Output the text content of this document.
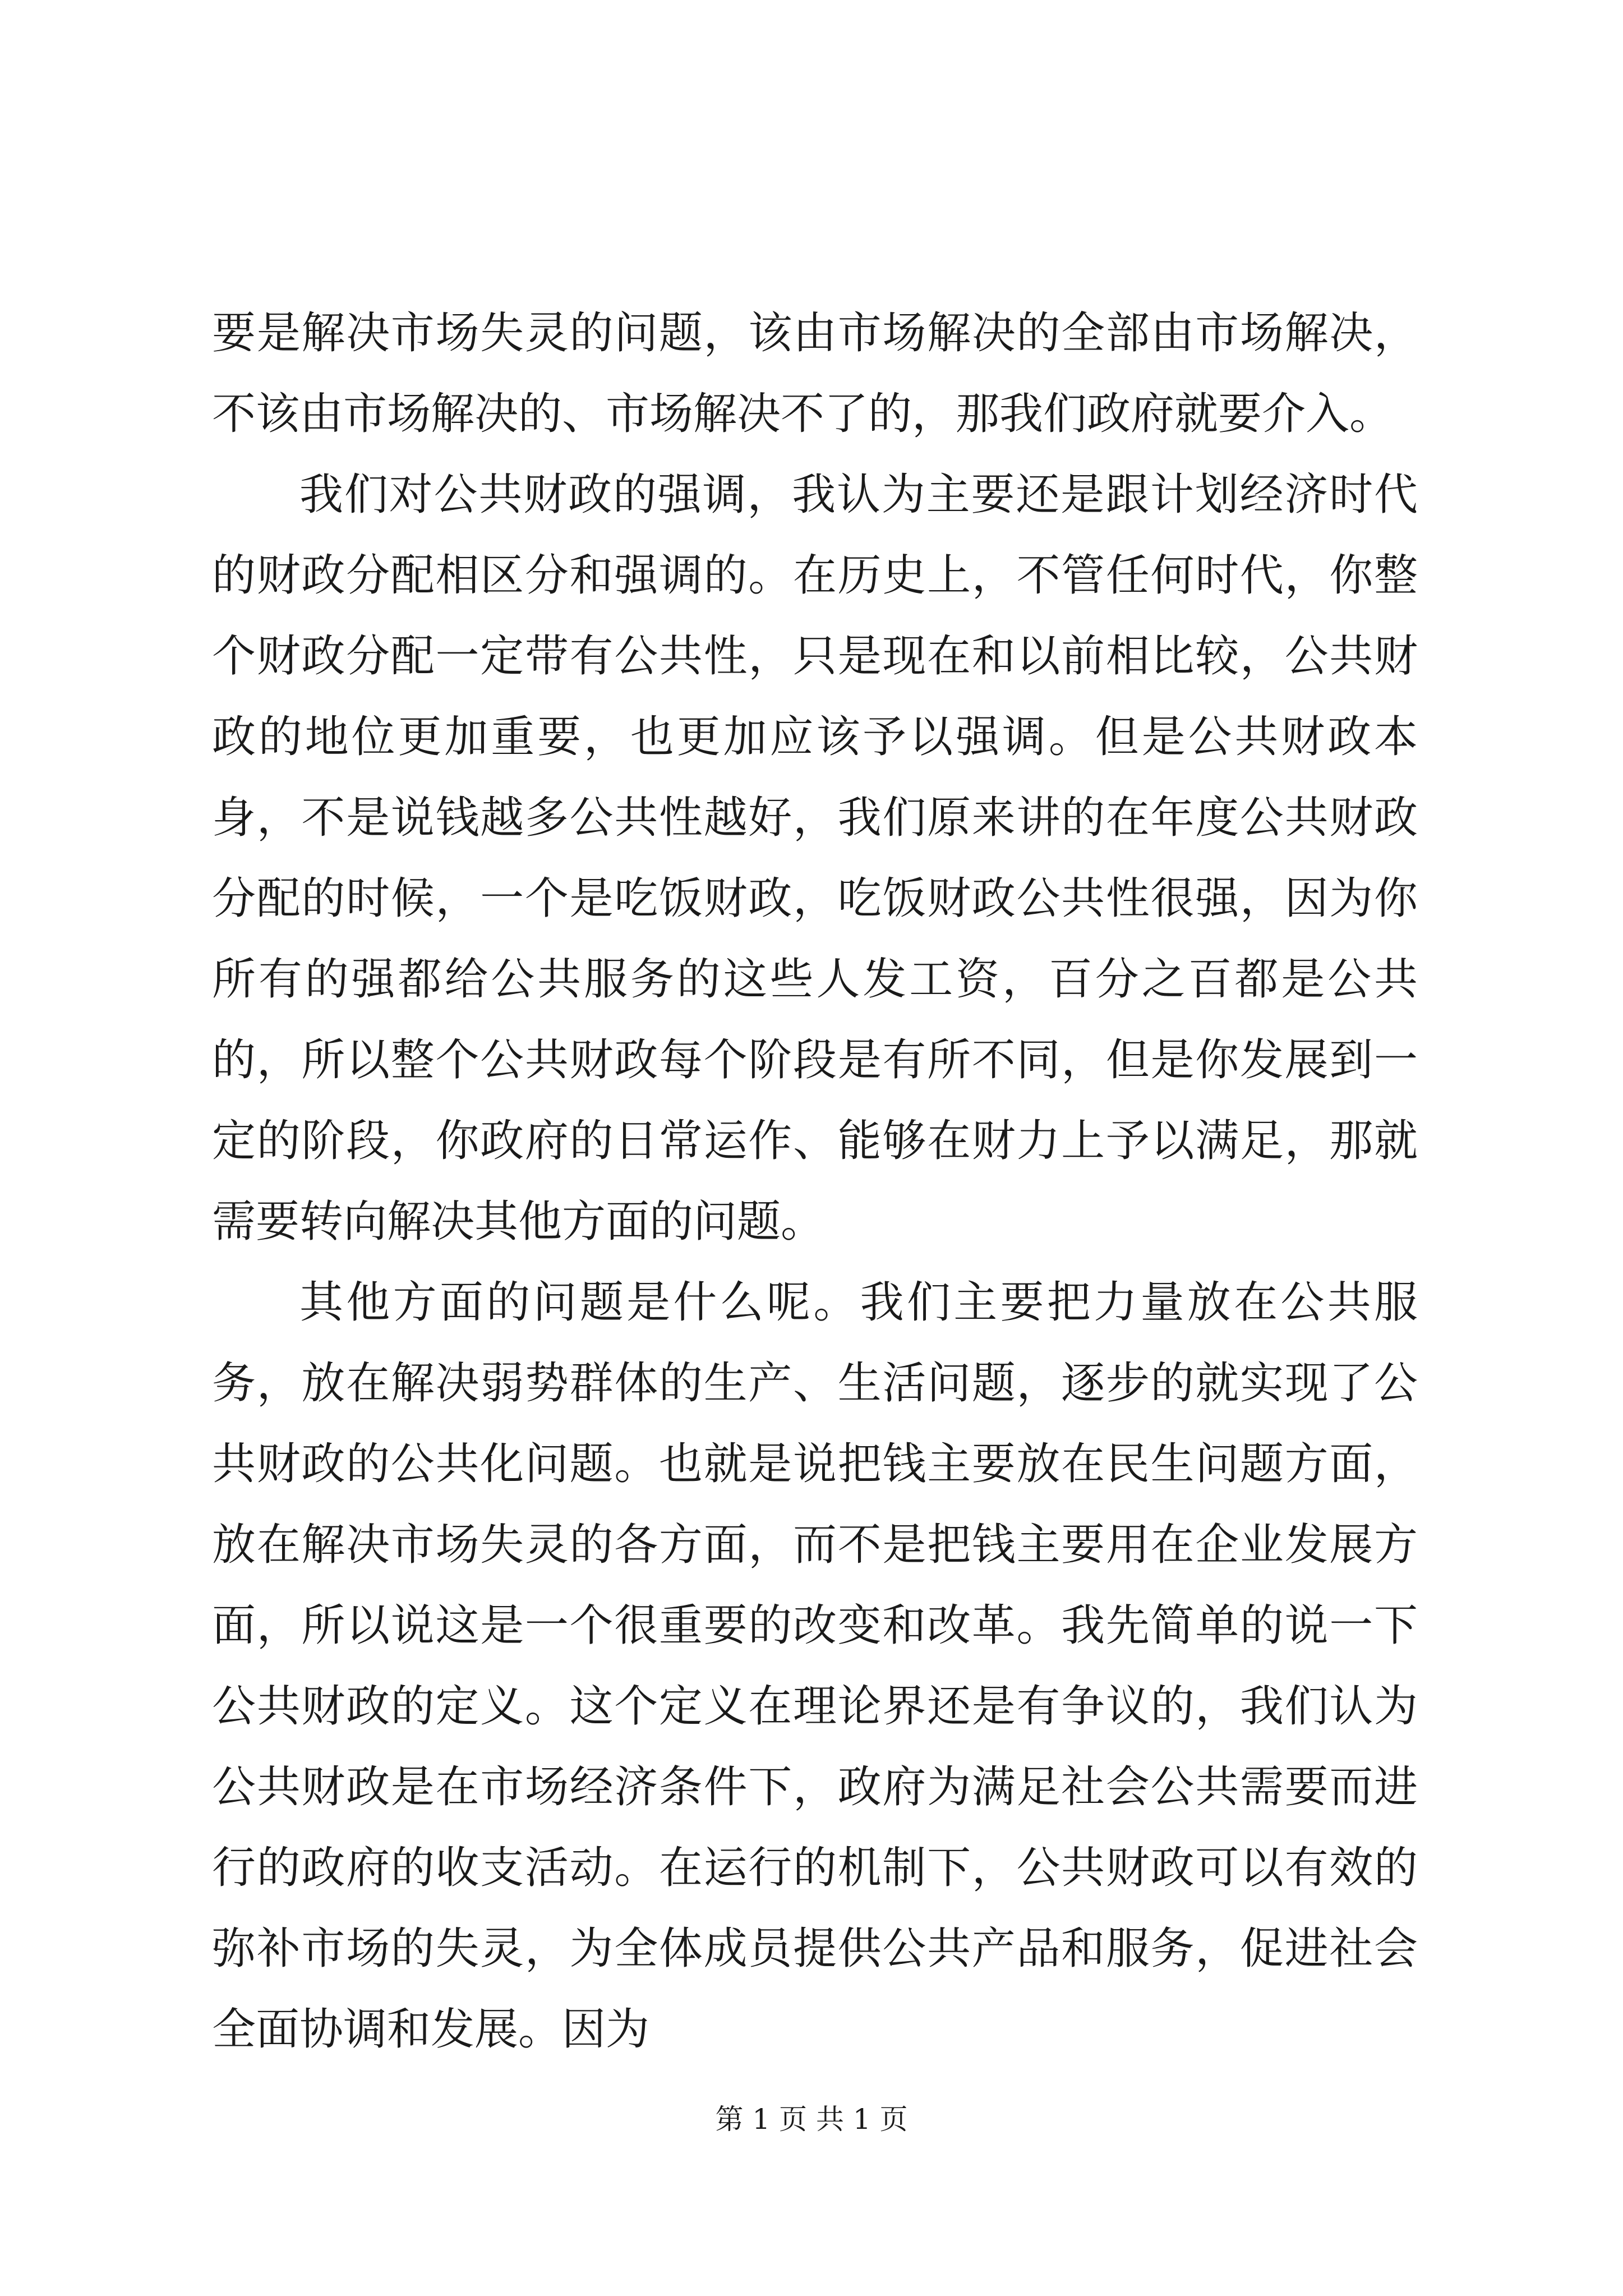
要是解决市场失灵的问题，该由市场解决的全部由市场解决，不该由市场解决的、市场解决不了的，那我们政府就要介入。

我们对公共财政的强调，我认为主要还是跟计划经济时代的财政分配相区分和强调的。在历史上，不管任何时代，你整个财政分配一定带有公共性，只是现在和以前相比较，公共财政的地位更加重要，也更加应该予以强调。但是公共财政本身，不是说钱越多公共性越好，我们原来讲的在年度公共财政分配的时候，一个是吃饭财政，吃饭财政公共性很强，因为你所有的强都给公共服务的这些人发工资，百分之百都是公共的，所以整个公共财政每个阶段是有所不同，但是你发展到一定的阶段，你政府的日常运作、能够在财力上予以满足，那就需要转向解决其他方面的问题。

其他方面的问题是什么呢。我们主要把力量放在公共服务，放在解决弱势群体的生产、生活问题，逐步的就实现了公共财政的公共化问题。也就是说把钱主要放在民生问题方面，放在解决市场失灵的各方面，而不是把钱主要用在企业发展方面，所以说这是一个很重要的改变和改革。我先简单的说一下公共财政的定义。这个定义在理论界还是有争议的，我们认为公共财政是在市场经济条件下，政府为满足社会公共需要而进行的政府的收支活动。在运行的机制下，公共财政可以有效的弥补市场的失灵，为全体成员提供公共产品和服务，促进社会全面协调和发展。因为

第 1 页 共 1 页
